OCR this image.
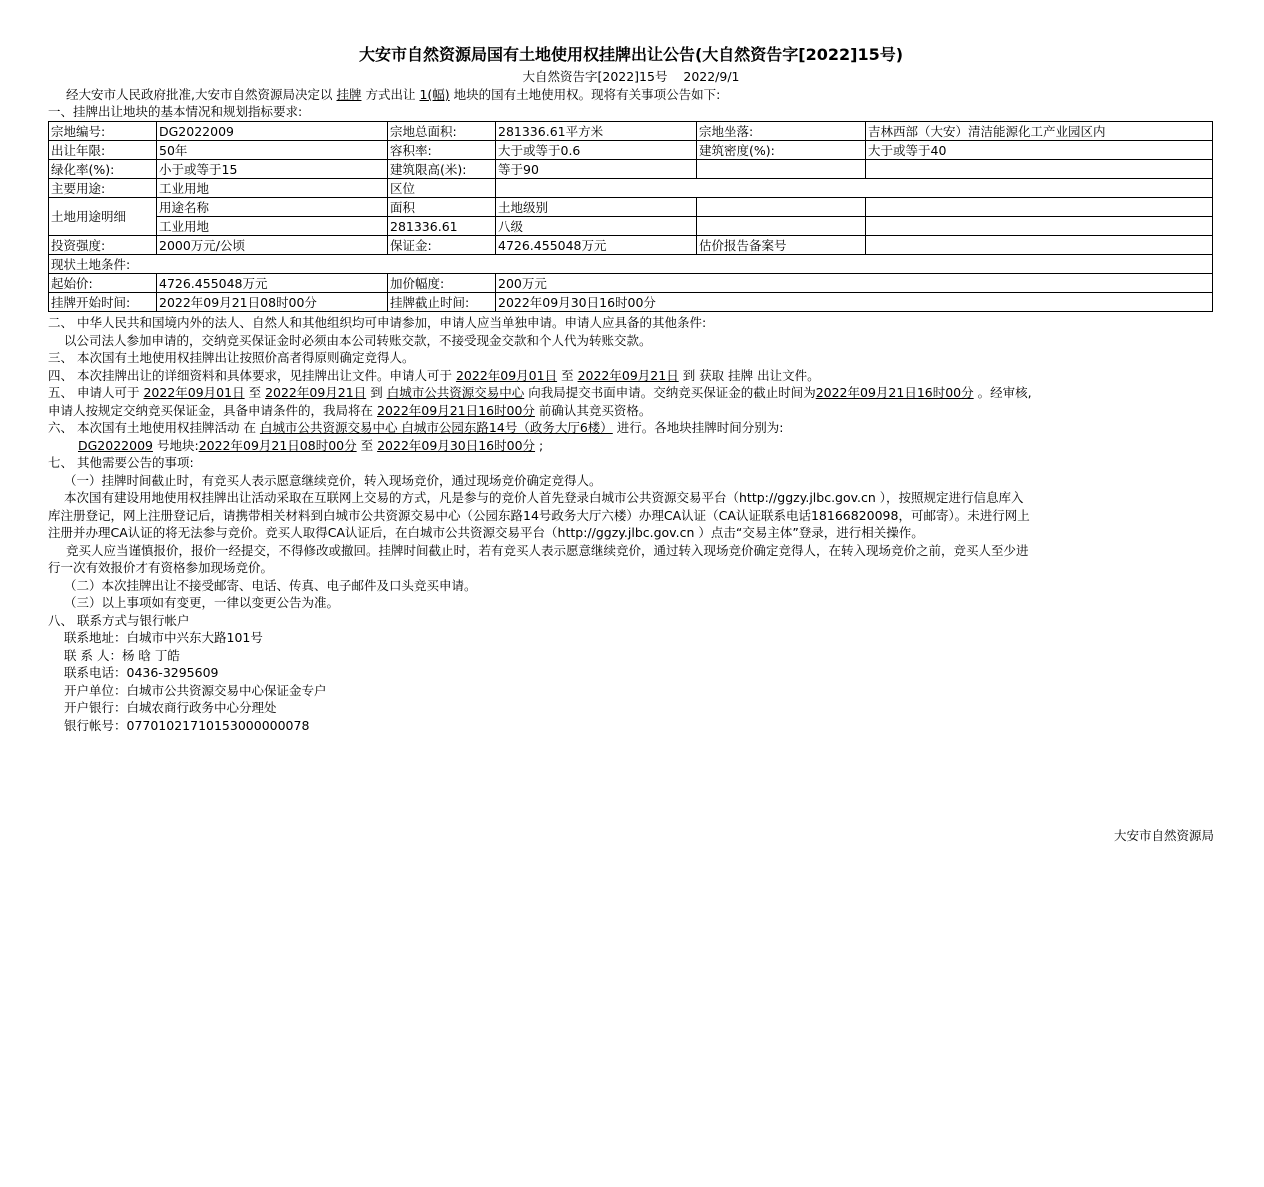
大安市自然资源局国有土地使用权挂牌出让公告(大自然资告字[2022]15号)
大自然资告字[2022]15号 2022/9/1
经大安市人民政府批准,大安市自然资源局决定以 挂牌 方式出让 1(幅) 地块的国有土地使用权。现将有关事项公告如下:
一、挂牌出让地块的基本情况和规划指标要求:
宗地编号:	DG2022009	宗地总面积:	281336.61平方米	宗地坐落:	吉林西部（大安）清洁能源化工产业园区内
出让年限:	50年	容积率:	大于或等于0.6	建筑密度(%):	大于或等于40
绿化率(%):	小于或等于15	建筑限高(米):	等于90		
主要用途:	工业用地	区位			
土地用途明细	用途名称	面积	土地级别		
	工业用地	281336.61	八级		
投资强度:	2000万元/公顷	保证金:	4726.455048万元	估价报告备案号	
现状土地条件:					
起始价:	4726.455048万元	加价幅度:	200万元		
挂牌开始时间:	2022年09月21日08时00分	挂牌截止时间:	2022年09月30日16时00分		
二、 中华人民共和国境内外的法人、自然人和其他组织均可申请参加，申请人应当单独申请。申请人应具备的其他条件:
以公司法人参加申请的，交纳竞买保证金时必须由本公司转账交款，不接受现金交款和个人代为转账交款。
三、 本次国有土地使用权挂牌出让按照价高者得原则确定竞得人。
四、 本次挂牌出让的详细资料和具体要求，见挂牌出让文件。申请人可于 2022年09月01日 至 2022年09月21日 到 获取 挂牌 出让文件。
五、 申请人可于 2022年09月01日 至 2022年09月21日 到 白城市公共资源交易中心 向我局提交书面申请。交纳竞买保证金的截止时间为2022年09月21日16时00分 。经审核,
申请人按规定交纳竞买保证金，具备申请条件的，我局将在 2022年09月21日16时00分 前确认其竞买资格。
六、 本次国有土地使用权挂牌活动 在 白城市公共资源交易中心 白城市公园东路14号（政务大厅6楼） 进行。各地块挂牌时间分别为:
DG2022009 号地块:2022年09月21日08时00分 至 2022年09月30日16时00分 ;
七、 其他需要公告的事项:
（一）挂牌时间截止时，有竞买人表示愿意继续竞价，转入现场竞价，通过现场竞价确定竞得人。
本次国有建设用地使用权挂牌出让活动采取在互联网上交易的方式，凡是参与的竞价人首先登录白城市公共资源交易平台（http://ggzy.jlbc.gov.cn ），按照规定进行信息库入
库注册登记，网上注册登记后，请携带相关材料到白城市公共资源交易中心（公园东路14号政务大厅六楼）办理CA认证（CA认证联系电话18166820098，可邮寄）。未进行网上
注册并办理CA认证的将无法参与竞价。竞买人取得CA认证后，在白城市公共资源交易平台（http://ggzy.jlbc.gov.cn ）点击“交易主体”登录，进行相关操作。
竞买人应当谨慎报价，报价一经提交，不得修改或撤回。挂牌时间截止时，若有竞买人表示愿意继续竞价，通过转入现场竞价确定竞得人，在转入现场竞价之前，竞买人至少进
行一次有效报价才有资格参加现场竞价。
（二）本次挂牌出让不接受邮寄、电话、传真、电子邮件及口头竞买申请。
（三）以上事项如有变更，一律以变更公告为准。
八、 联系方式与银行帐户
联系地址：白城市中兴东大路101号
联 系 人：杨 晗 丁皓
联系电话：0436-3295609
开户单位：白城市公共资源交易中心保证金专户
开户银行：白城农商行政务中心分理处
银行帐号：07701021710153000000078
大安市自然资源局
